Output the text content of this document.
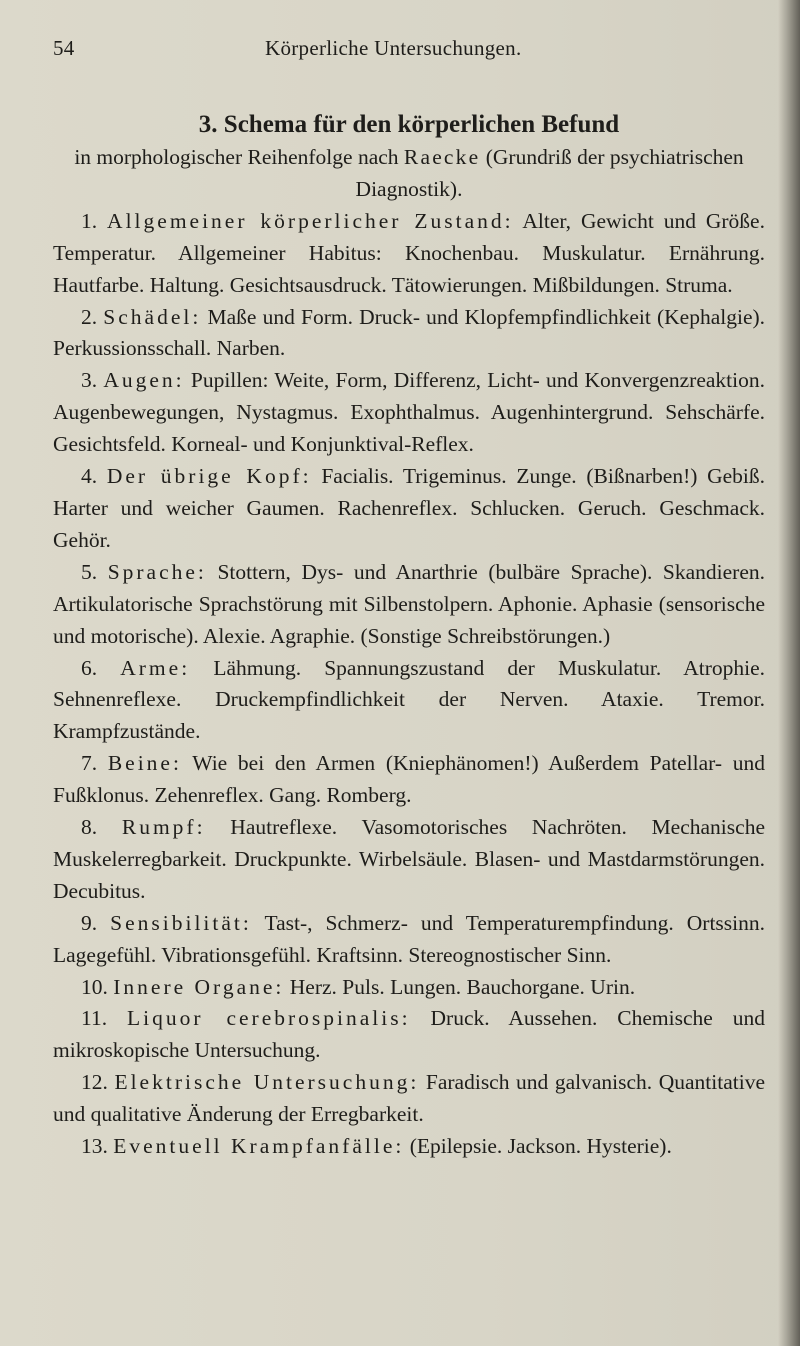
54	Körperliche Untersuchungen.
3. Schema für den körperlichen Befund
in morphologischer Reihenfolge nach Raecke (Grundriß der psychiatrischen Diagnostik).

1. Allgemeiner körperlicher Zustand: Alter, Gewicht und Größe. Temperatur. Allgemeiner Habitus: Knochenbau. Muskulatur. Ernährung. Hautfarbe. Haltung. Gesichtsausdruck. Tätowierungen. Mißbildungen. Struma.

2. Schädel: Maße und Form. Druck- und Klopfempfindlichkeit (Kephalgie). Perkussionsschall. Narben.

3. Augen: Pupillen: Weite, Form, Differenz, Licht- und Konvergenzreaktion. Augenbewegungen, Nystagmus. Exophthalmus. Augenhintergrund. Sehschärfe. Gesichtsfeld. Korneal- und Konjunktival-Reflex.

4. Der übrige Kopf: Facialis. Trigeminus. Zunge. (Bißnarben!) Gebiß. Harter und weicher Gaumen. Rachenreflex. Schlucken. Geruch. Geschmack. Gehör.

5. Sprache: Stottern, Dys- und Anarthrie (bulbäre Sprache). Skandieren. Artikulatorische Sprachstörung mit Silbenstolpern. Aphonie. Aphasie (sensorische und motorische). Alexie. Agraphie. (Sonstige Schreibstörungen.)

6. Arme: Lähmung. Spannungszustand der Muskulatur. Atrophie. Sehnenreflexe. Druckempfindlichkeit der Nerven. Ataxie. Tremor. Krampfzustände.

7. Beine: Wie bei den Armen (Kniephänomen!) Außerdem Patellar- und Fußklonus. Zehenreflex. Gang. Romberg.

8. Rumpf: Hautreflexe. Vasomotorisches Nachröten. Mechanische Muskelerregbarkeit. Druckpunkte. Wirbelsäule. Blasen- und Mastdarmstörungen. Decubitus.

9. Sensibilität: Tast-, Schmerz- und Temperaturempfindung. Ortssinn. Lagegefühl. Vibrationsgefühl. Kraftsinn. Stereognostischer Sinn.

10. Innere Organe: Herz. Puls. Lungen. Bauchorgane. Urin.

11. Liquor cerebrospinalis: Druck. Aussehen. Chemische und mikroskopische Untersuchung.

12. Elektrische Untersuchung: Faradisch und galvanisch. Quantitative und qualitative Änderung der Erregbarkeit.

13. Eventuell Krampfanfälle: (Epilepsie. Jackson. Hysterie).
